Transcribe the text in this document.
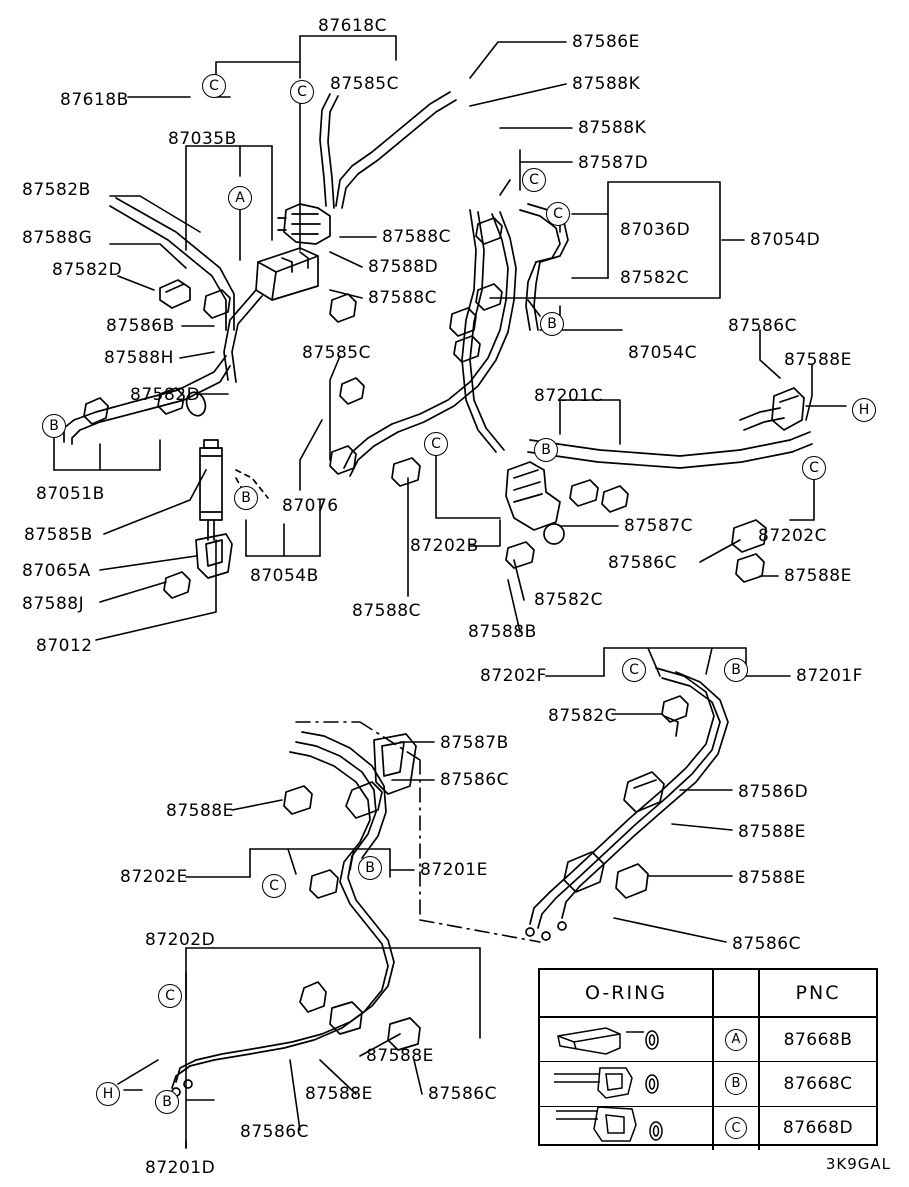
87618C
87586E
87588K
87585C
87618B
87588K
87035B
87587D
87582B
87036D	87054D
87588G	87588C
87582D	87588D
87582C
87588C
87586B	87586C
87585C	87054C
87588H	87588E
87582D	87201C
87051B
87076
87587C	87202C
87585B
87202B
87065A	87054B
87586C
87588J
87588E
87588C
87582C
87012
87588B
87202F	87201F
87582C
87587B
87586D
87586C
87588E
87588E
87202E	87201E	87588E
87586C
87202D
87588E
87588E	87586C
87586C
87201D
C	C
A
C
C
B
B
H
C	B
C
B
C	B
B
C
C
H	B
O-RING	PNC
A	87668B
B	87668C
C	87668D
3K9GAL
